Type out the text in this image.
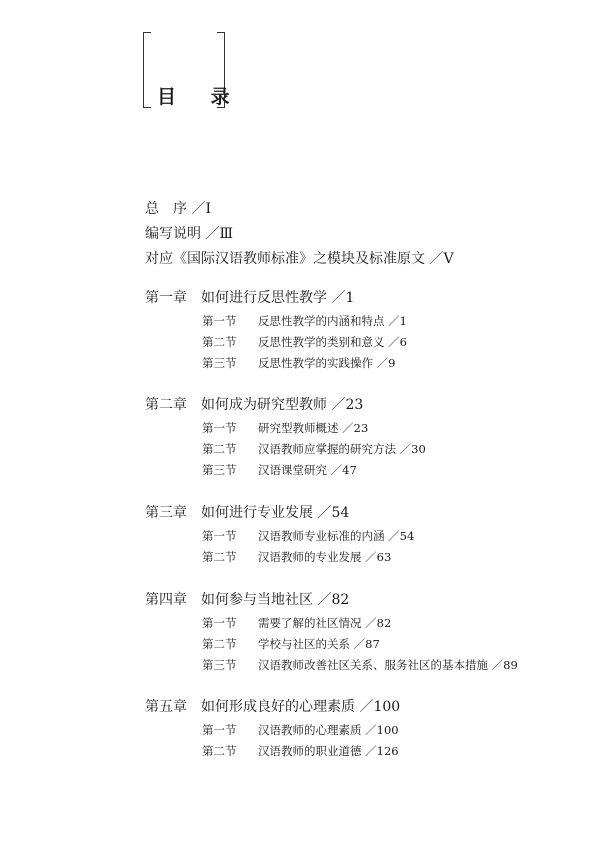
目 录
总　序 ／Ⅰ
编写说明 ／Ⅲ
对应《国际汉语教师标准》之模块及标准原文 ／Ⅴ
第一章 如何进行反思性教学 ／1
第一节 反思性教学的内涵和特点 ／1
第二节 反思性教学的类别和意义 ／6
第三节 反思性教学的实践操作 ／9
第二章 如何成为研究型教师 ／23
第一节 研究型教师概述 ／23
第二节 汉语教师应掌握的研究方法 ／30
第三节 汉语课堂研究 ／47
第三章 如何进行专业发展 ／54
第一节 汉语教师专业标准的内涵 ／54
第二节 汉语教师的专业发展 ／63
第四章 如何参与当地社区 ／82
第一节 需要了解的社区情况 ／82
第二节 学校与社区的关系 ／87
第三节 汉语教师改善社区关系、服务社区的基本措施 ／89
第五章 如何形成良好的心理素质 ／100
第一节 汉语教师的心理素质 ／100
第二节 汉语教师的职业道德 ／126
